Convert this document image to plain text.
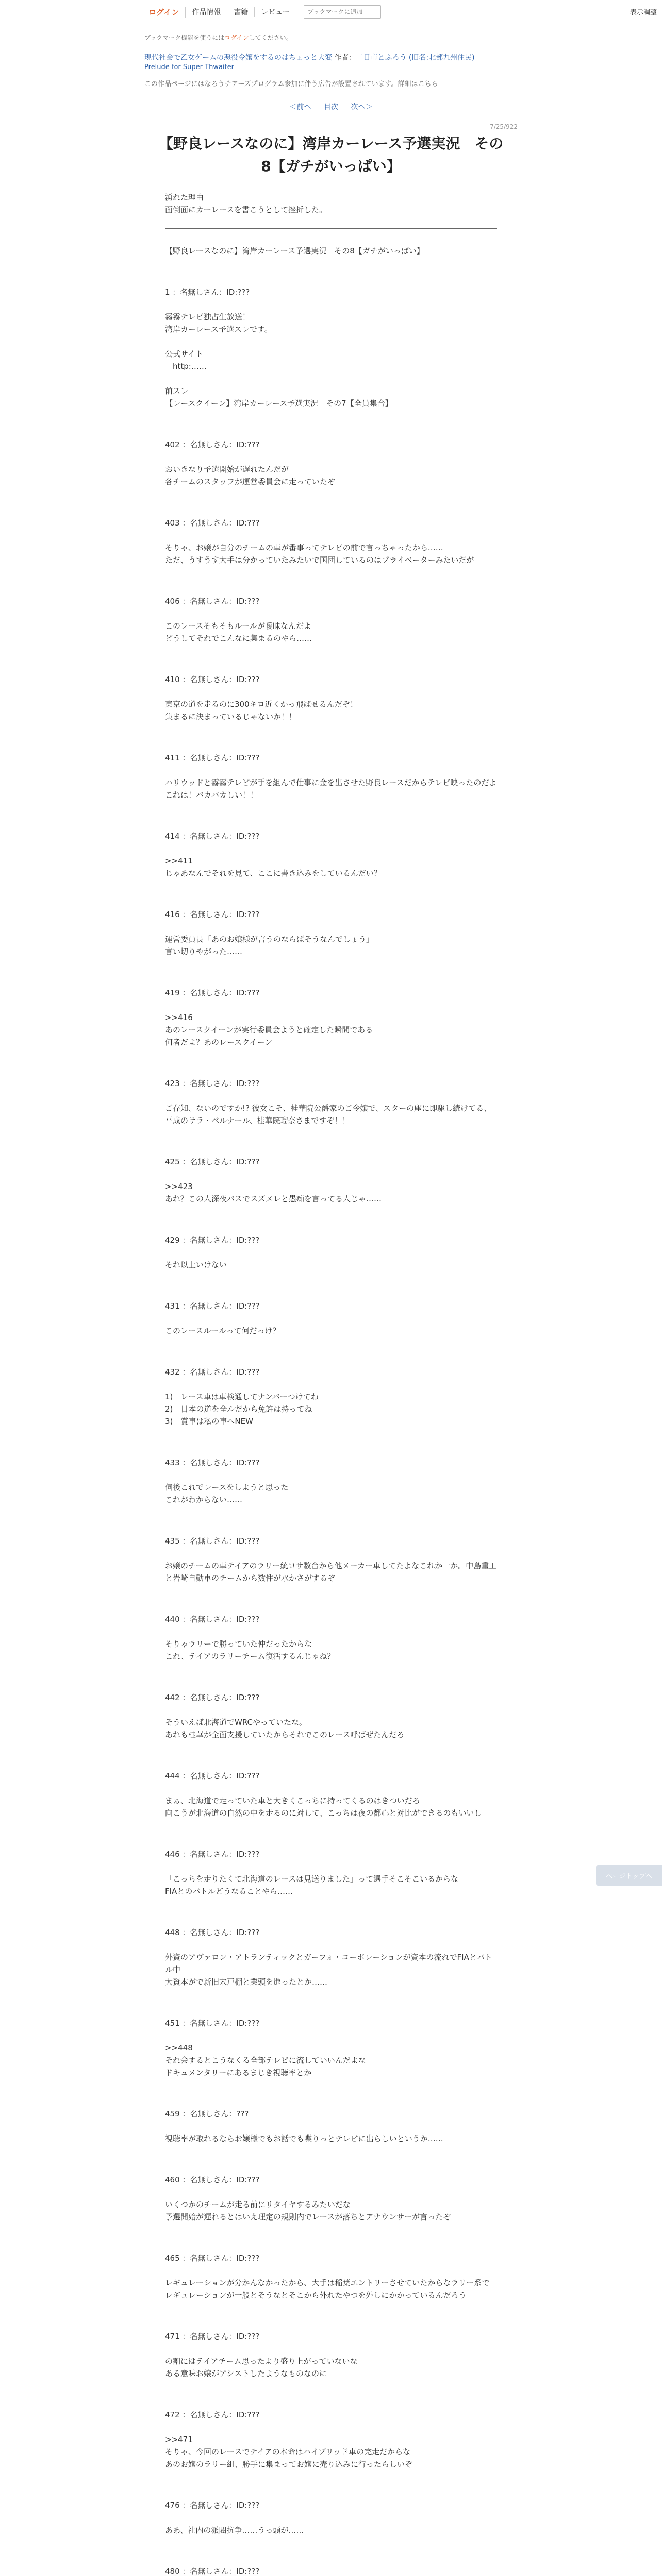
ログイン	作品情報	書籍	レビュー
ブックマークに追加	表示調整
ブックマーク機能を使うにはログインしてください。
現代社会で乙女ゲームの悪役令嬢をするのはちょっと大変 作者：二日市とふろう (旧名:北部九州住民)
Prelude for Super Thwaiter
この作品ページにはなろうチアーズプログラム参加に伴う広告が設置されています。詳細はこちら
＜前へ 目次 次へ＞
7/25/922
【野良レースなのに】湾岸カーレース予選実況　その8【ガチがいっぱい】
湧れた理由
面倒面にカーレースを書こうとして挫折した。
【野良レースなのに】湾岸カーレース予選実況　その8【ガチがいっぱい】
1 ：名無しさん：ID:???
霧霧テレビ独占生放送！
湾岸カーレース予選スレです。

公式サイト
　http:……

前スレ
【レースクイーン】湾岸カーレース予選実況　その7【全員集合】
402 ：名無しさん：ID:???
おいきなり予選開始が遅れたんだが
各チームのスタッフが運営委員会に走っていたぞ
403 ：名無しさん：ID:???
そりゃ、お嬢が自分のチームの車が番事ってテレビの前で言っちゃったから……
ただ、うすうす大手は分かっていたみたいで国団しているのはプライベーターみたいだが
406 ：名無しさん：ID:???
このレースそもそもルールが曖昧なんだよ
どうしてそれでこんなに集まるのやら……
410 ：名無しさん：ID:???
東京の道を走るのに300キロ近くかっ飛ばせるんだぞ！
集まるに決まっているじゃないか！！
411 ：名無しさん：ID:???
ハリウッドと霧霧テレビが手を組んで仕事に金を出させた野良レースだからテレビ映ったのだよこれは！バカバカしい！！
414 ：名無しさん：ID:???
>>411
じゃあなんでそれを見て、ここに書き込みをしているんだい？
416 ：名無しさん：ID:???
運営委員長「あのお嬢様が言うのならばそうなんでしょう」
言い切りやがった……
419 ：名無しさん：ID:???
>>416
あのレースクイーンが実行委員会ようと確定した瞬間である
何者だよ？あのレースクイーン
423 ：名無しさん：ID:???
ご存知、ないのですか!? 彼女こそ、桂華院公爵家のご令嬢で、スターの座に即駆し続けてる、平成のサラ・ベルナール、桂華院瑠奈さまですぞ！！
425 ：名無しさん：ID:???
>>423
あれ？この人深夜バスでスズメレと愚痴を言ってる人じゃ……
429 ：名無しさん：ID:???
それ以上いけない
431 ：名無しさん：ID:???
このレースルールって何だっけ？
432 ：名無しさん：ID:???
1)　レース車は車検通してナンバーつけてね
2)　日本の道を全ルだから免許は持ってね
3)　賞車は私の車へNEW
433 ：名無しさん：ID:???
伺後これでレースをしようと思った
これがわからない……
435 ：名無しさん：ID:???
お嬢のチームの車テイアのラリー統ロサ数台から他メーカー車してたよなこれか一か。中島重工と岩崎自動車のチームから数件が水かさがするぞ
440 ：名無しさん：ID:???
そりゃラリーで勝っていた仲だったからな
これ、テイアのラリーチーム復活するんじゃね？
442 ：名無しさん：ID:???
そういえば北海道でWRCやっていたな。
あれも桂華が全面支援していたからそれでこのレース呼ばぜたんだろ
444 ：名無しさん：ID:???
まぁ、北海道で走っていた車と大きくこっちに持ってくるのはきついだろ
向こうが北海道の自然の中を走るのに対して、こっちは夜の都心と対比ができるのもいいし
446 ：名無しさん：ID:???
「こっちを走りたくて北海道のレースは見送りました」って選手そこそこいるからな
FIAとのバトルどうなることやら……
448 ：名無しさん：ID:???
外資のアヴァロン・アトランティックとガーフォ・コーポレーションが資本の流れでFIAとバトル中
大資本がで新旧末戸棚と業頭を進ったとか……
451 ：名無しさん：ID:???
>>448
それ会するとこうなくる全部テレビに流していいんだよな
ドキュメンタリーにあるまじき視聴率とか
459 ：名無しさん：???
視聴率が取れるならお嬢様でもお話でも喋りっとテレビに出らしいというか……
460 ：名無しさん：ID:???
いくつかのチームが走る前にリタイヤするみたいだな
予選開始が遅れるとはいえ理定の規則内でレースが落ちとアナウンサーが言ったぞ
465 ：名無しさん：ID:???
レギュレーションが分かんなかったから、大手は稲葉エントリーさせていたからなラリー系でレギュレーションが一般とそうなとそこから外れたやつを外しにかかっているんだろう
471 ：名無しさん：ID:???
の割にはテイアチーム思ったより盛り上がっていないな
ある意味お嬢がアシストしたようなものなのに
472 ：名無しさん：ID:???
>>471
そりゃ、今回のレースでテイアの本命はハイブリッド車の完走だからな
あのお嬢のラリー組、勝手に集まってお嬢に売り込みに行ったらしいぞ
476 ：名無しさん：ID:???
ああ、社内の派閥抗争……うっ頭が……
480 ：名無しさん：ID:???
ページトップへ
